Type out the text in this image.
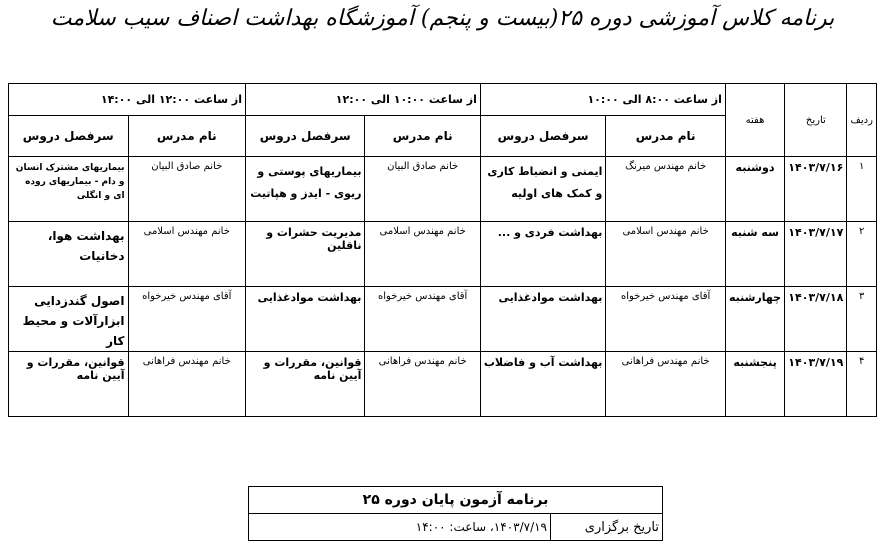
برنامه کلاس آموزشی دوره ۲۵(بیست و پنجم) آموزشگاه بهداشت اصناف سیب سلامت
ردیف	تاریخ	هفته	از ساعت ۸:۰۰ الی ۱۰:۰۰		از ساعت ۱۰:۰۰ الی ۱۲:۰۰		از ساعت ۱۲:۰۰ الی ۱۴:۰۰	
			نام مدرس	سرفصل دروس	نام مدرس	سرفصل دروس	نام مدرس	سرفصل دروس
۱	۱۴۰۳/۷/۱۶	دوشنبه	خانم مهندس میرنگ	ایمنی و انضباط کاری و کمک های اولیه	خانم صادق البیان	بیماریهای پوستی و ریوی - ایدز و هپاتیت	خانم صادق البیان	بیماریهای مشترک انسان و دام - بیماریهای روده ای و انگلی
۲	۱۴۰۳/۷/۱۷	سه شنبه	خانم مهندس اسلامی	بهداشت فردی و ...	خانم مهندس اسلامی	مدیریت حشرات و ناقلین	خانم مهندس اسلامی	بهداشت هوا، دخانیات
۳	۱۴۰۳/۷/۱۸	چهارشنبه	آقای مهندس خیرخواه	بهداشت موادغذایی	آقای مهندس خیرخواه	بهداشت موادغذایی	آقای مهندس خیرخواه	اصول گندزدایی ابزارآلات و محیط کار
۴	۱۴۰۳/۷/۱۹	پنجشنبه	خانم مهندس فراهانی	بهداشت آب و فاضلاب	خانم مهندس فراهانی	قوانین، مقررات و آیین نامه	خانم مهندس فراهانی	قوانین، مقررات و آیین نامه
برنامه آزمون پایان دوره ۲۵
تاریخ برگزاری	۱۴۰۳/۷/۱۹، ساعت: ۱۴:۰۰
